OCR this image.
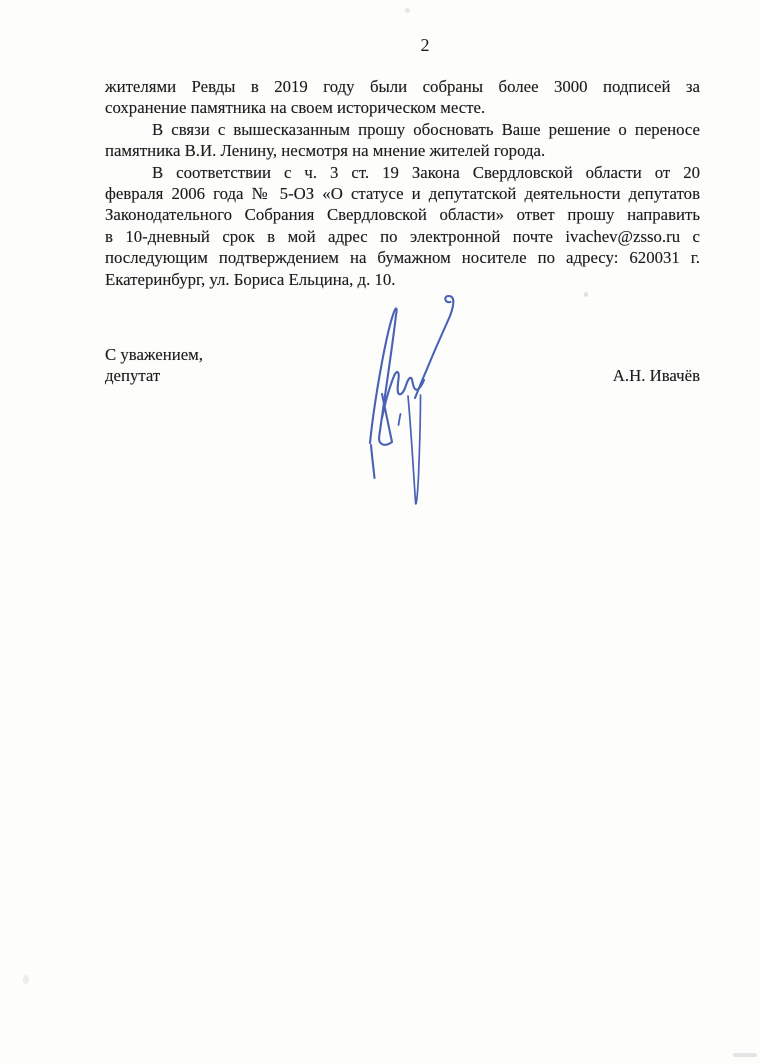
2
жителями Ревды в 2019 году были собраны более 3000 подписей за
сохранение памятника на своем историческом месте.
В связи с вышесказанным прошу обосновать Ваше решение о переносе
памятника В.И. Ленину, несмотря на мнение жителей города.
В соответствии с ч. 3 ст. 19 Закона Свердловской области от 20
февраля 2006 года № 5-ОЗ «О статусе и депутатской деятельности депутатов
Законодательного Собрания Свердловской области» ответ прошу направить
в 10-дневный срок в мой адрес по электронной почте ivachev@zsso.ru с
последующим подтверждением на бумажном носителе по адресу: 620031 г.
Екатеринбург, ул. Бориса Ельцина, д. 10.
С уважением,
депутат	А.Н. Ивачёв
